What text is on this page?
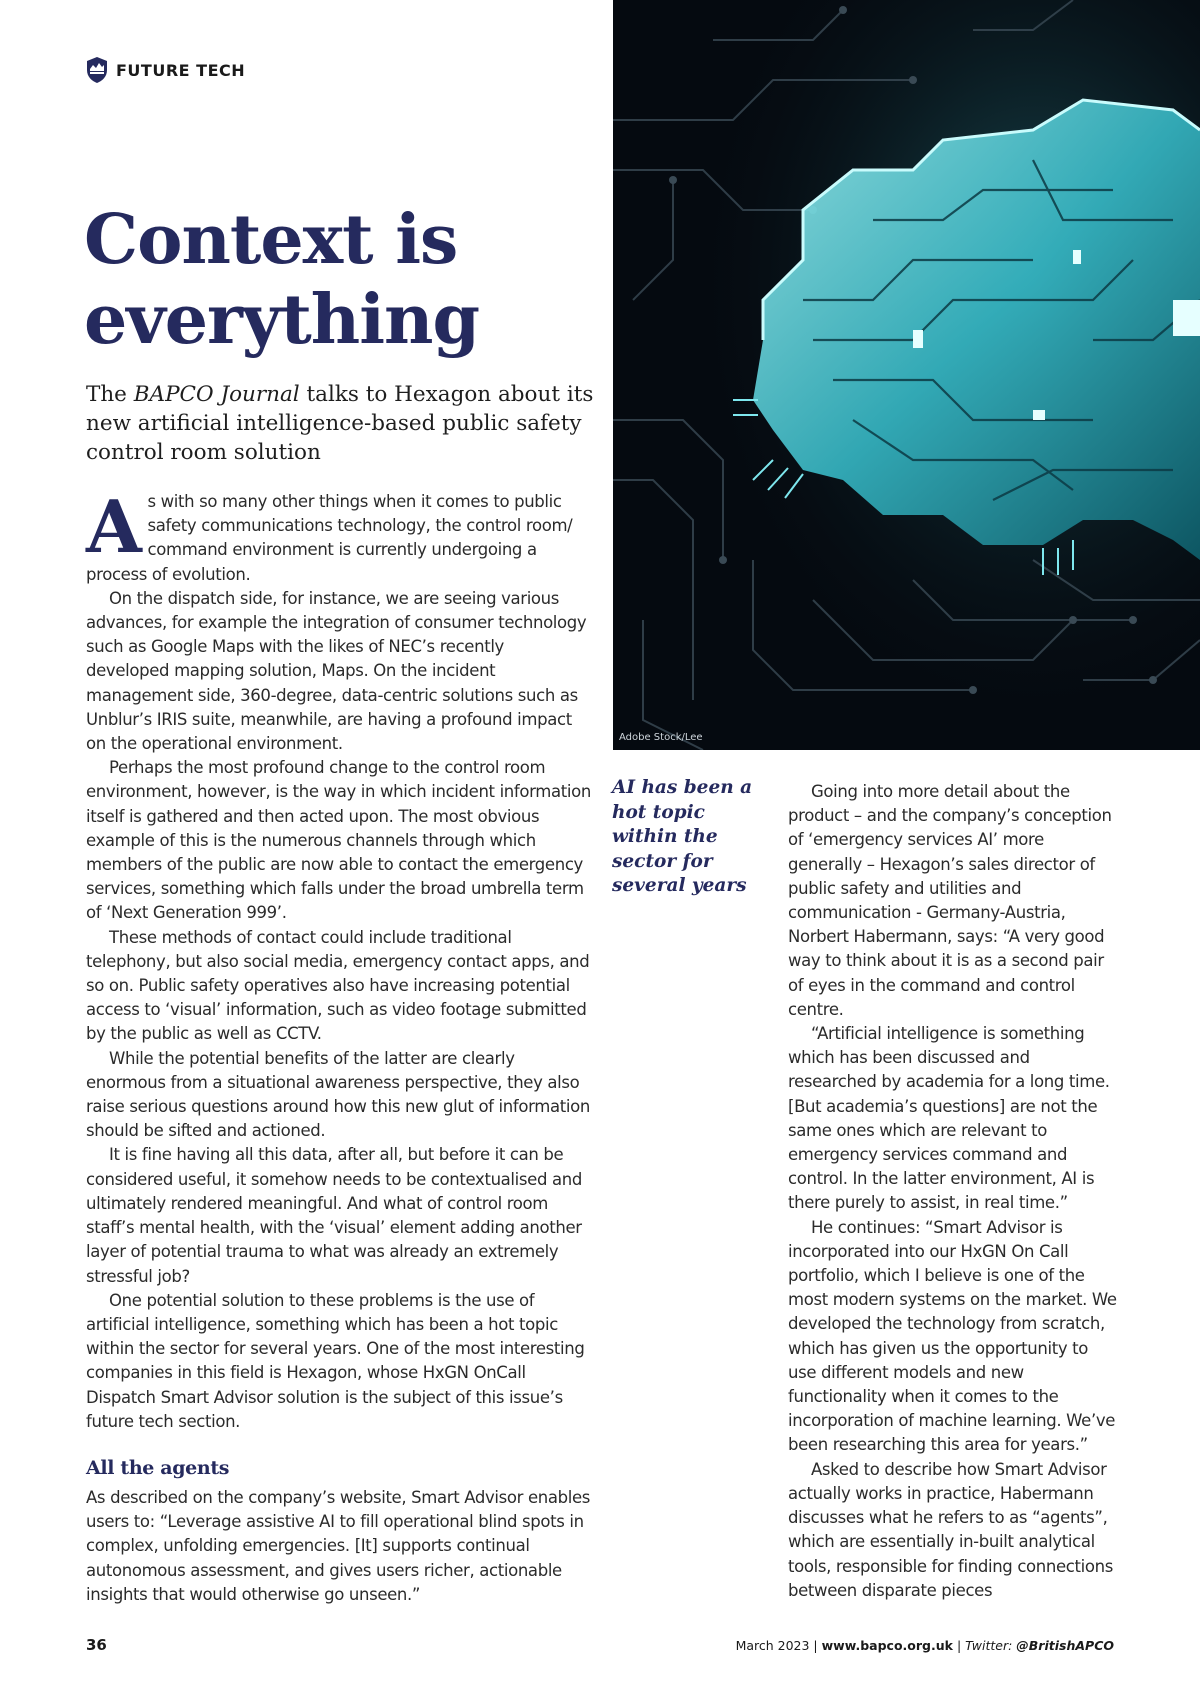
FUTURE TECH
Context is
everything

The BAPCO Journal talks to Hexagon about its new artificial intelligence-based public safety control room solution

As with so many other things when it comes to public safety communications technology, the control room/ command environment is currently undergoing a process of evolution.

On the dispatch side, for instance, we are seeing various advances, for example the integration of consumer technology such as Google Maps with the likes of NEC’s recently developed mapping solution, Maps. On the incident management side, 360-degree, data-centric solutions such as Unblur’s IRIS suite, meanwhile, are having a profound impact on the operational environment.

Perhaps the most profound change to the control room environment, however, is the way in which incident information itself is gathered and then acted upon. The most obvious example of this is the numerous channels through which members of the public are now able to contact the emergency services, something which falls under the broad umbrella term of ‘Next Generation 999’.

These methods of contact could include traditional telephony, but also social media, emergency contact apps, and so on. Public safety operatives also have increasing potential access to ‘visual’ information, such as video footage submitted by the public as well as CCTV.

While the potential benefits of the latter are clearly enormous from a situational awareness perspective, they also raise serious questions around how this new glut of information should be sifted and actioned.

It is fine having all this data, after all, but before it can be considered useful, it somehow needs to be contextualised and ultimately rendered meaningful. And what of control room staff’s mental health, with the ‘visual’ element adding another layer of potential trauma to what was already an extremely stressful job?

One potential solution to these problems is the use of artificial intelligence, something which has been a hot topic within the sector for several years. One of the most interesting companies in this field is Hexagon, whose HxGN OnCall Dispatch Smart Advisor solution is the subject of this issue’s future tech section.

All the agents

As described on the company’s website, Smart Advisor enables users to: “Leverage assistive AI to fill operational blind spots in complex, unfolding emergencies. [It] supports continual autonomous assessment, and gives users richer, actionable insights that would otherwise go unseen.”

Adobe Stock/Lee

AI has been a hot topic within the sector for several years

Going into more detail about the product – and the company’s conception of ‘emergency services AI’ more generally – Hexagon’s sales director of public safety and utilities and communication - Germany-Austria, Norbert Habermann, says: “A very good way to think about it is as a second pair of eyes in the command and control centre.

“Artificial intelligence is something which has been discussed and researched by academia for a long time. [But academia’s questions] are not the same ones which are relevant to emergency services command and control. In the latter environment, AI is there purely to assist, in real time.”

He continues: “Smart Advisor is incorporated into our HxGN On Call portfolio, which I believe is one of the most modern systems on the market. We developed the technology from scratch, which has given us the opportunity to use different models and new functionality when it comes to the incorporation of machine learning. We’ve been researching this area for years.”

Asked to describe how Smart Advisor actually works in practice, Habermann discusses what he refers to as “agents”, which are essentially in-built analytical tools, responsible for finding connections between disparate pieces

36	March 2023 | www.bapco.org.uk | Twitter: @BritishAPCO
